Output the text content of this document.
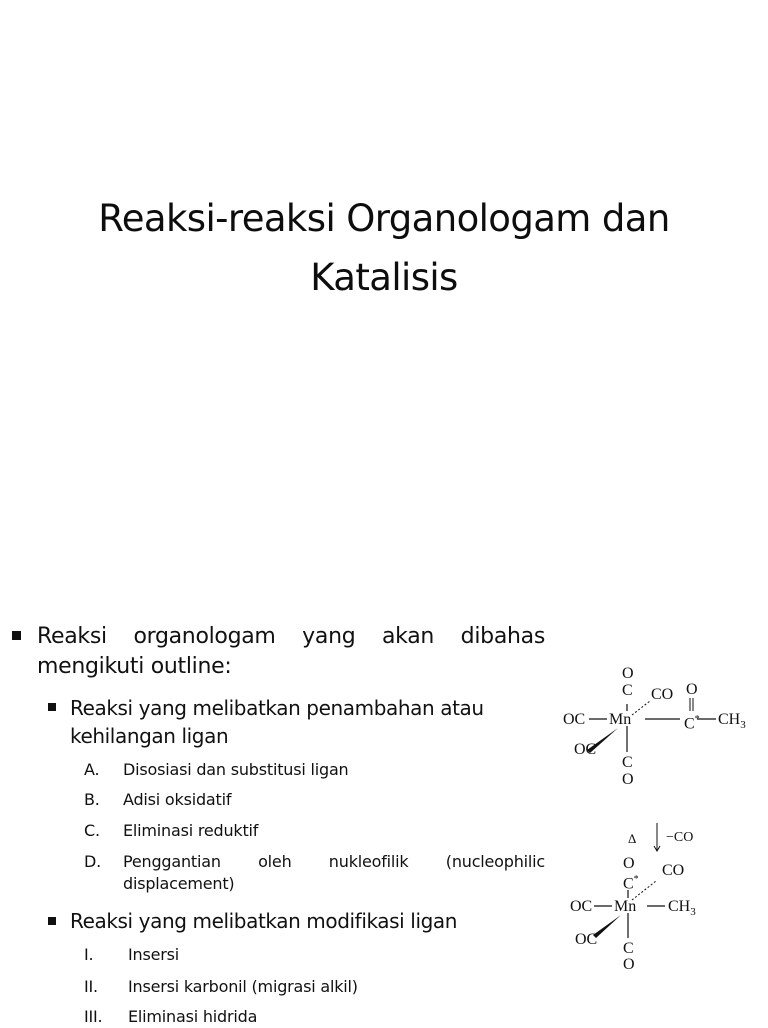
Reaksi-reaksi Organologam dan Katalisis
Reaksi organologam yang akan dibahas mengikuti outline:
Reaksi yang melibatkan penambahan atau kehilangan ligan
A. Disosiasi dan substitusi ligan
B. Adisi oksidatif
C. Eliminasi reduktif
D. Penggantian oleh nukleofilik (nucleophilic displacement)
Reaksi yang melibatkan modifikasi ligan
I. Insersi
II. Insersi karbonil (migrasi alkil)
III. Eliminasi hidrida
O
C
OC Mn
CO O
C* $CH_3$
OC
C
O
Δ −CO
O
C*
CO
OC Mn $CH_3$
OC
C
O
